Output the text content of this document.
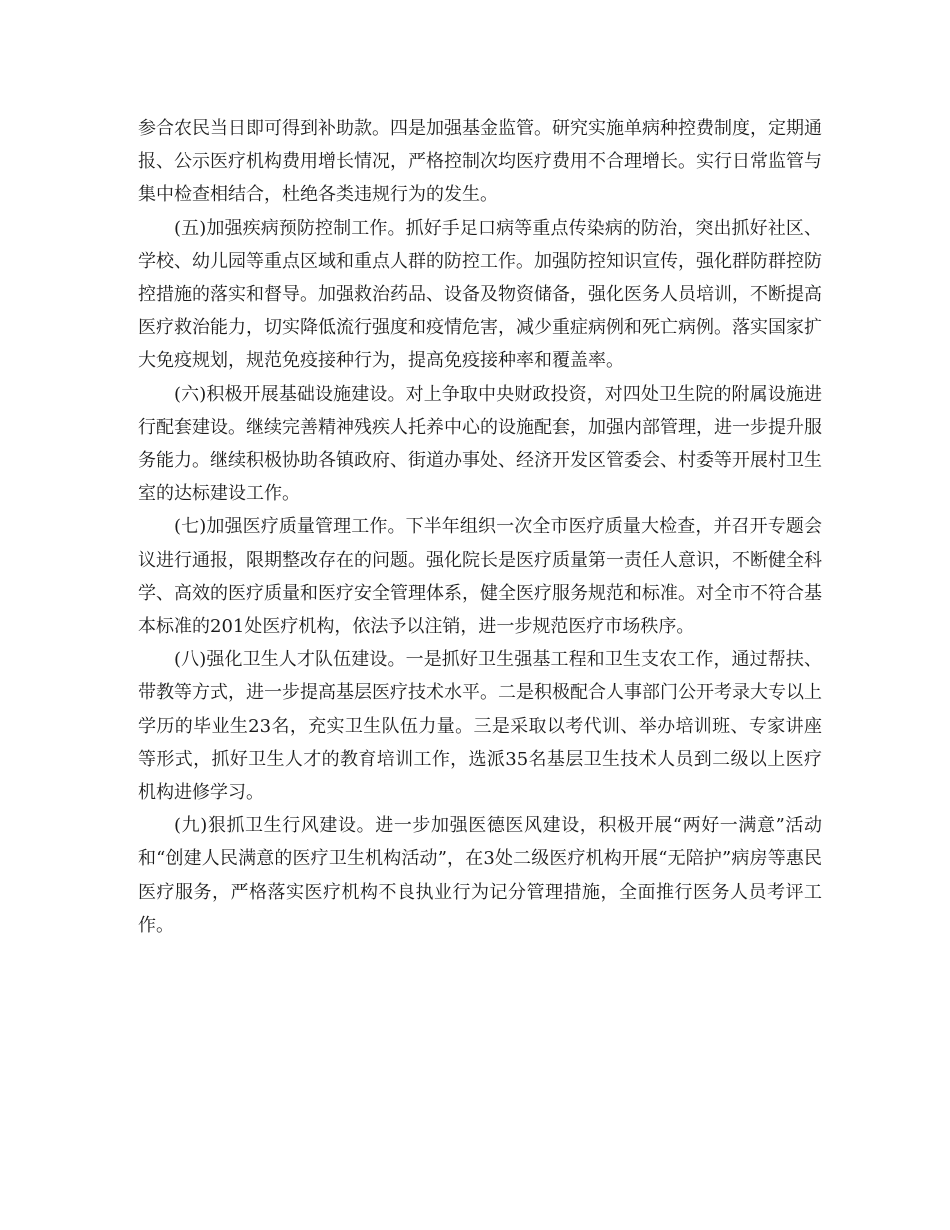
参合农民当日即可得到补助款。四是加强基金监管。研究实施单病种控费制度，定期通报、公示医疗机构费用增长情况，严格控制次均医疗费用不合理增长。实行日常监管与集中检查相结合，杜绝各类违规行为的发生。

(五)加强疾病预防控制工作。抓好手足口病等重点传染病的防治，突出抓好社区、学校、幼儿园等重点区域和重点人群的防控工作。加强防控知识宣传，强化群防群控防控措施的落实和督导。加强救治药品、设备及物资储备，强化医务人员培训，不断提高医疗救治能力，切实降低流行强度和疫情危害，减少重症病例和死亡病例。落实国家扩大免疫规划，规范免疫接种行为，提高免疫接种率和覆盖率。

(六)积极开展基础设施建设。对上争取中央财政投资，对四处卫生院的附属设施进行配套建设。继续完善精神残疾人托养中心的设施配套，加强内部管理，进一步提升服务能力。继续积极协助各镇政府、街道办事处、经济开发区管委会、村委等开展村卫生室的达标建设工作。

(七)加强医疗质量管理工作。下半年组织一次全市医疗质量大检查，并召开专题会议进行通报，限期整改存在的问题。强化院长是医疗质量第一责任人意识，不断健全科学、高效的医疗质量和医疗安全管理体系，健全医疗服务规范和标准。对全市不符合基本标准的201处医疗机构，依法予以注销，进一步规范医疗市场秩序。

(八)强化卫生人才队伍建设。一是抓好卫生强基工程和卫生支农工作，通过帮扶、带教等方式，进一步提高基层医疗技术水平。二是积极配合人事部门公开考录大专以上学历的毕业生23名，充实卫生队伍力量。三是采取以考代训、举办培训班、专家讲座等形式，抓好卫生人才的教育培训工作，选派35名基层卫生技术人员到二级以上医疗机构进修学习。

(九)狠抓卫生行风建设。进一步加强医德医风建设，积极开展“两好一满意”活动和“创建人民满意的医疗卫生机构活动”，在3处二级医疗机构开展“无陪护”病房等惠民医疗服务，严格落实医疗机构不良执业行为记分管理措施，全面推行医务人员考评工作。
